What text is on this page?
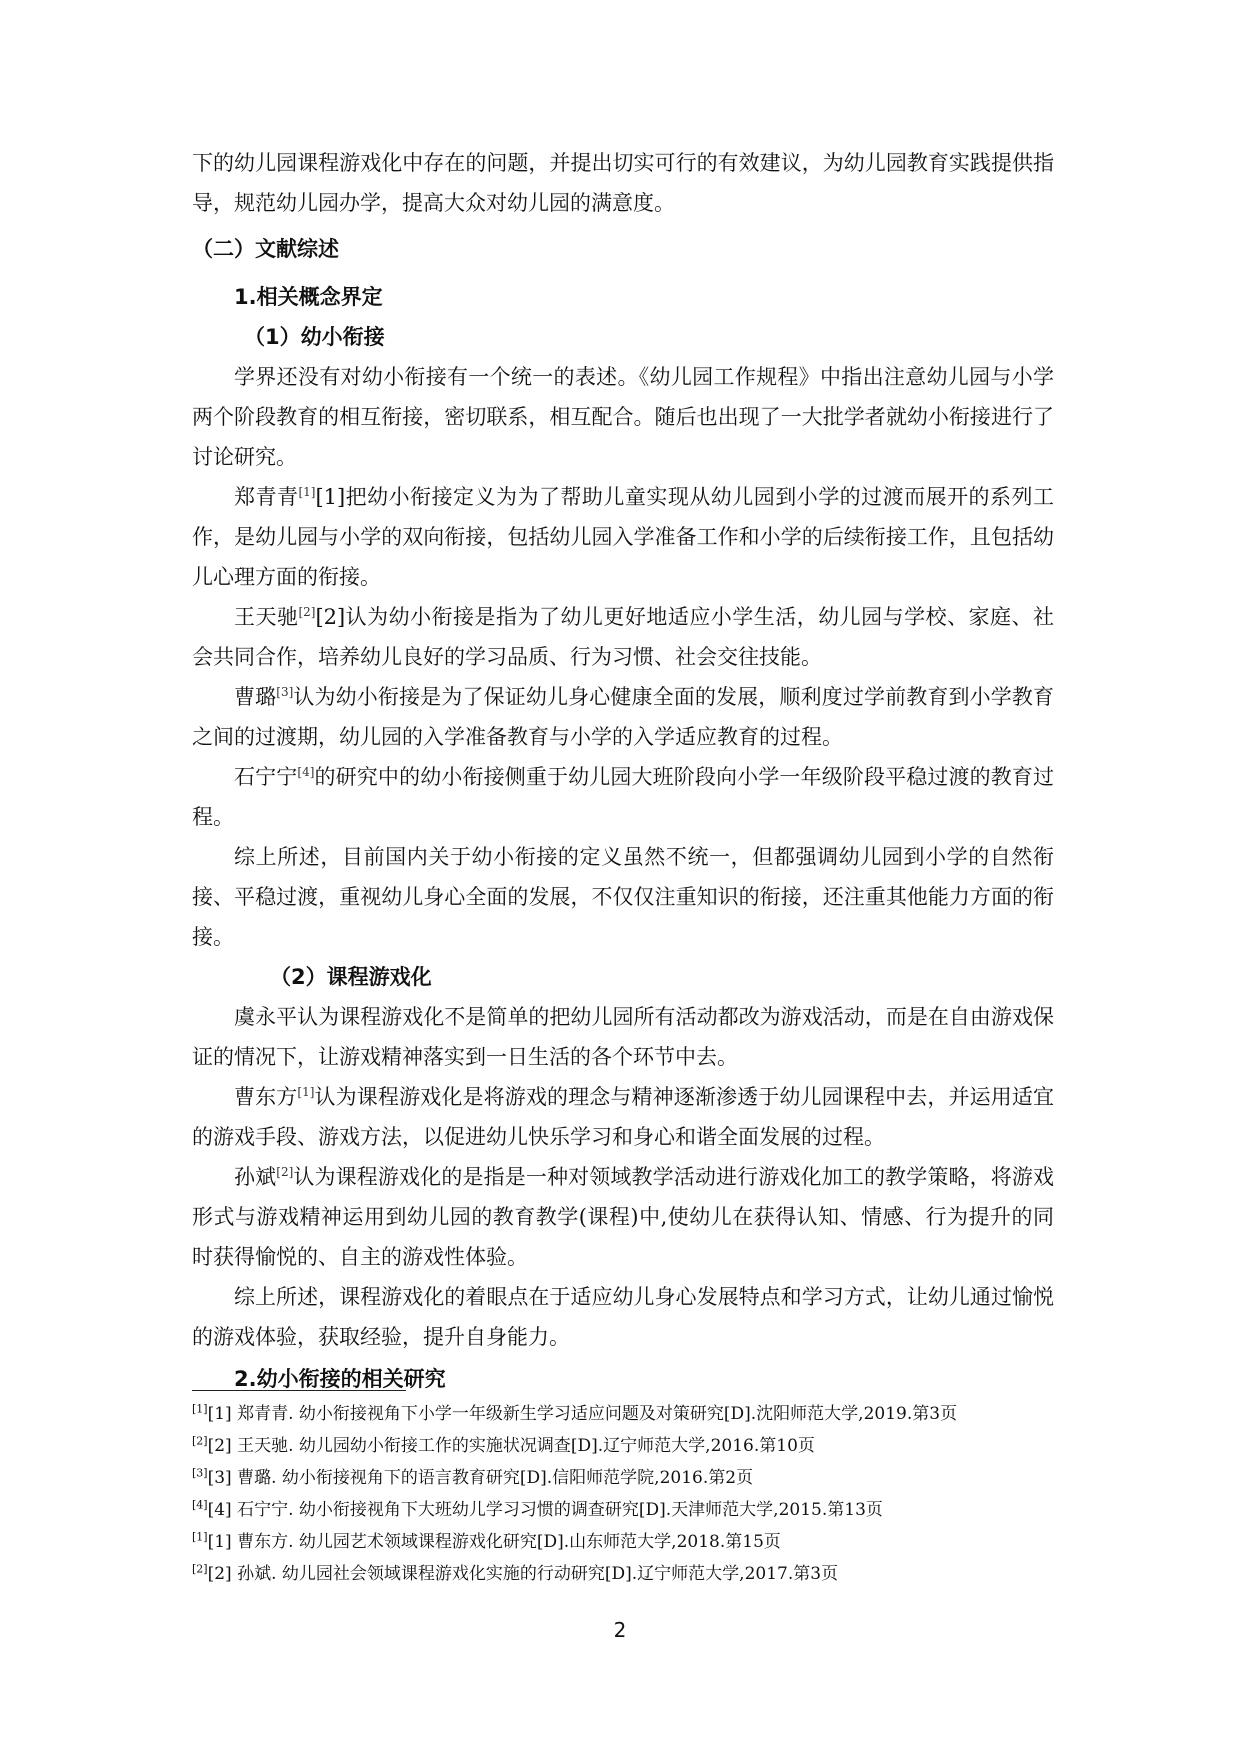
下的幼儿园课程游戏化中存在的问题，并提出切实可行的有效建议，为幼儿园教育实践提供指导，规范幼儿园办学，提高大众对幼儿园的满意度。

（二）文献综述

1.相关概念界定

（1）幼小衔接

学界还没有对幼小衔接有一个统一的表述。《幼儿园工作规程》中指出注意幼儿园与小学两个阶段教育的相互衔接，密切联系，相互配合。随后也出现了一大批学者就幼小衔接进行了讨论研究。

郑青青[1][1]把幼小衔接定义为为了帮助儿童实现从幼儿园到小学的过渡而展开的系列工作，是幼儿园与小学的双向衔接，包括幼儿园入学准备工作和小学的后续衔接工作，且包括幼儿心理方面的衔接。

王天驰[2][2]认为幼小衔接是指为了幼儿更好地适应小学生活，幼儿园与学校、家庭、社会共同合作，培养幼儿良好的学习品质、行为习惯、社会交往技能。

曹璐[3]认为幼小衔接是为了保证幼儿身心健康全面的发展，顺利度过学前教育到小学教育之间的过渡期，幼儿园的入学准备教育与小学的入学适应教育的过程。

石宁宁[4]的研究中的幼小衔接侧重于幼儿园大班阶段向小学一年级阶段平稳过渡的教育过程。

综上所述，目前国内关于幼小衔接的定义虽然不统一，但都强调幼儿园到小学的自然衔接、平稳过渡，重视幼儿身心全面的发展，不仅仅注重知识的衔接，还注重其他能力方面的衔接。

（2）课程游戏化

虞永平认为课程游戏化不是简单的把幼儿园所有活动都改为游戏活动，而是在自由游戏保证的情况下，让游戏精神落实到一日生活的各个环节中去。

曹东方[1]认为课程游戏化是将游戏的理念与精神逐渐渗透于幼儿园课程中去，并运用适宜的游戏手段、游戏方法，以促进幼儿快乐学习和身心和谐全面发展的过程。

孙斌[2]认为课程游戏化的是指是一种对领域教学活动进行游戏化加工的教学策略，将游戏形式与游戏精神运用到幼儿园的教育教学(课程)中,使幼儿在获得认知、情感、行为提升的同时获得愉悦的、自主的游戏性体验。

综上所述，课程游戏化的着眼点在于适应幼儿身心发展特点和学习方式，让幼儿通过愉悦的游戏体验，获取经验，提升自身能力。

2.幼小衔接的相关研究

[1][1] 郑青青. 幼小衔接视角下小学一年级新生学习适应问题及对策研究[D].沈阳师范大学,2019.第3页

[2][2] 王天驰. 幼儿园幼小衔接工作的实施状况调查[D].辽宁师范大学,2016.第10页

[3][3] 曹璐. 幼小衔接视角下的语言教育研究[D].信阳师范学院,2016.第2页

[4][4] 石宁宁. 幼小衔接视角下大班幼儿学习习惯的调查研究[D].天津师范大学,2015.第13页

[1][1] 曹东方. 幼儿园艺术领域课程游戏化研究[D].山东师范大学,2018.第15页

[2][2] 孙斌. 幼儿园社会领域课程游戏化实施的行动研究[D].辽宁师范大学,2017.第3页

2
